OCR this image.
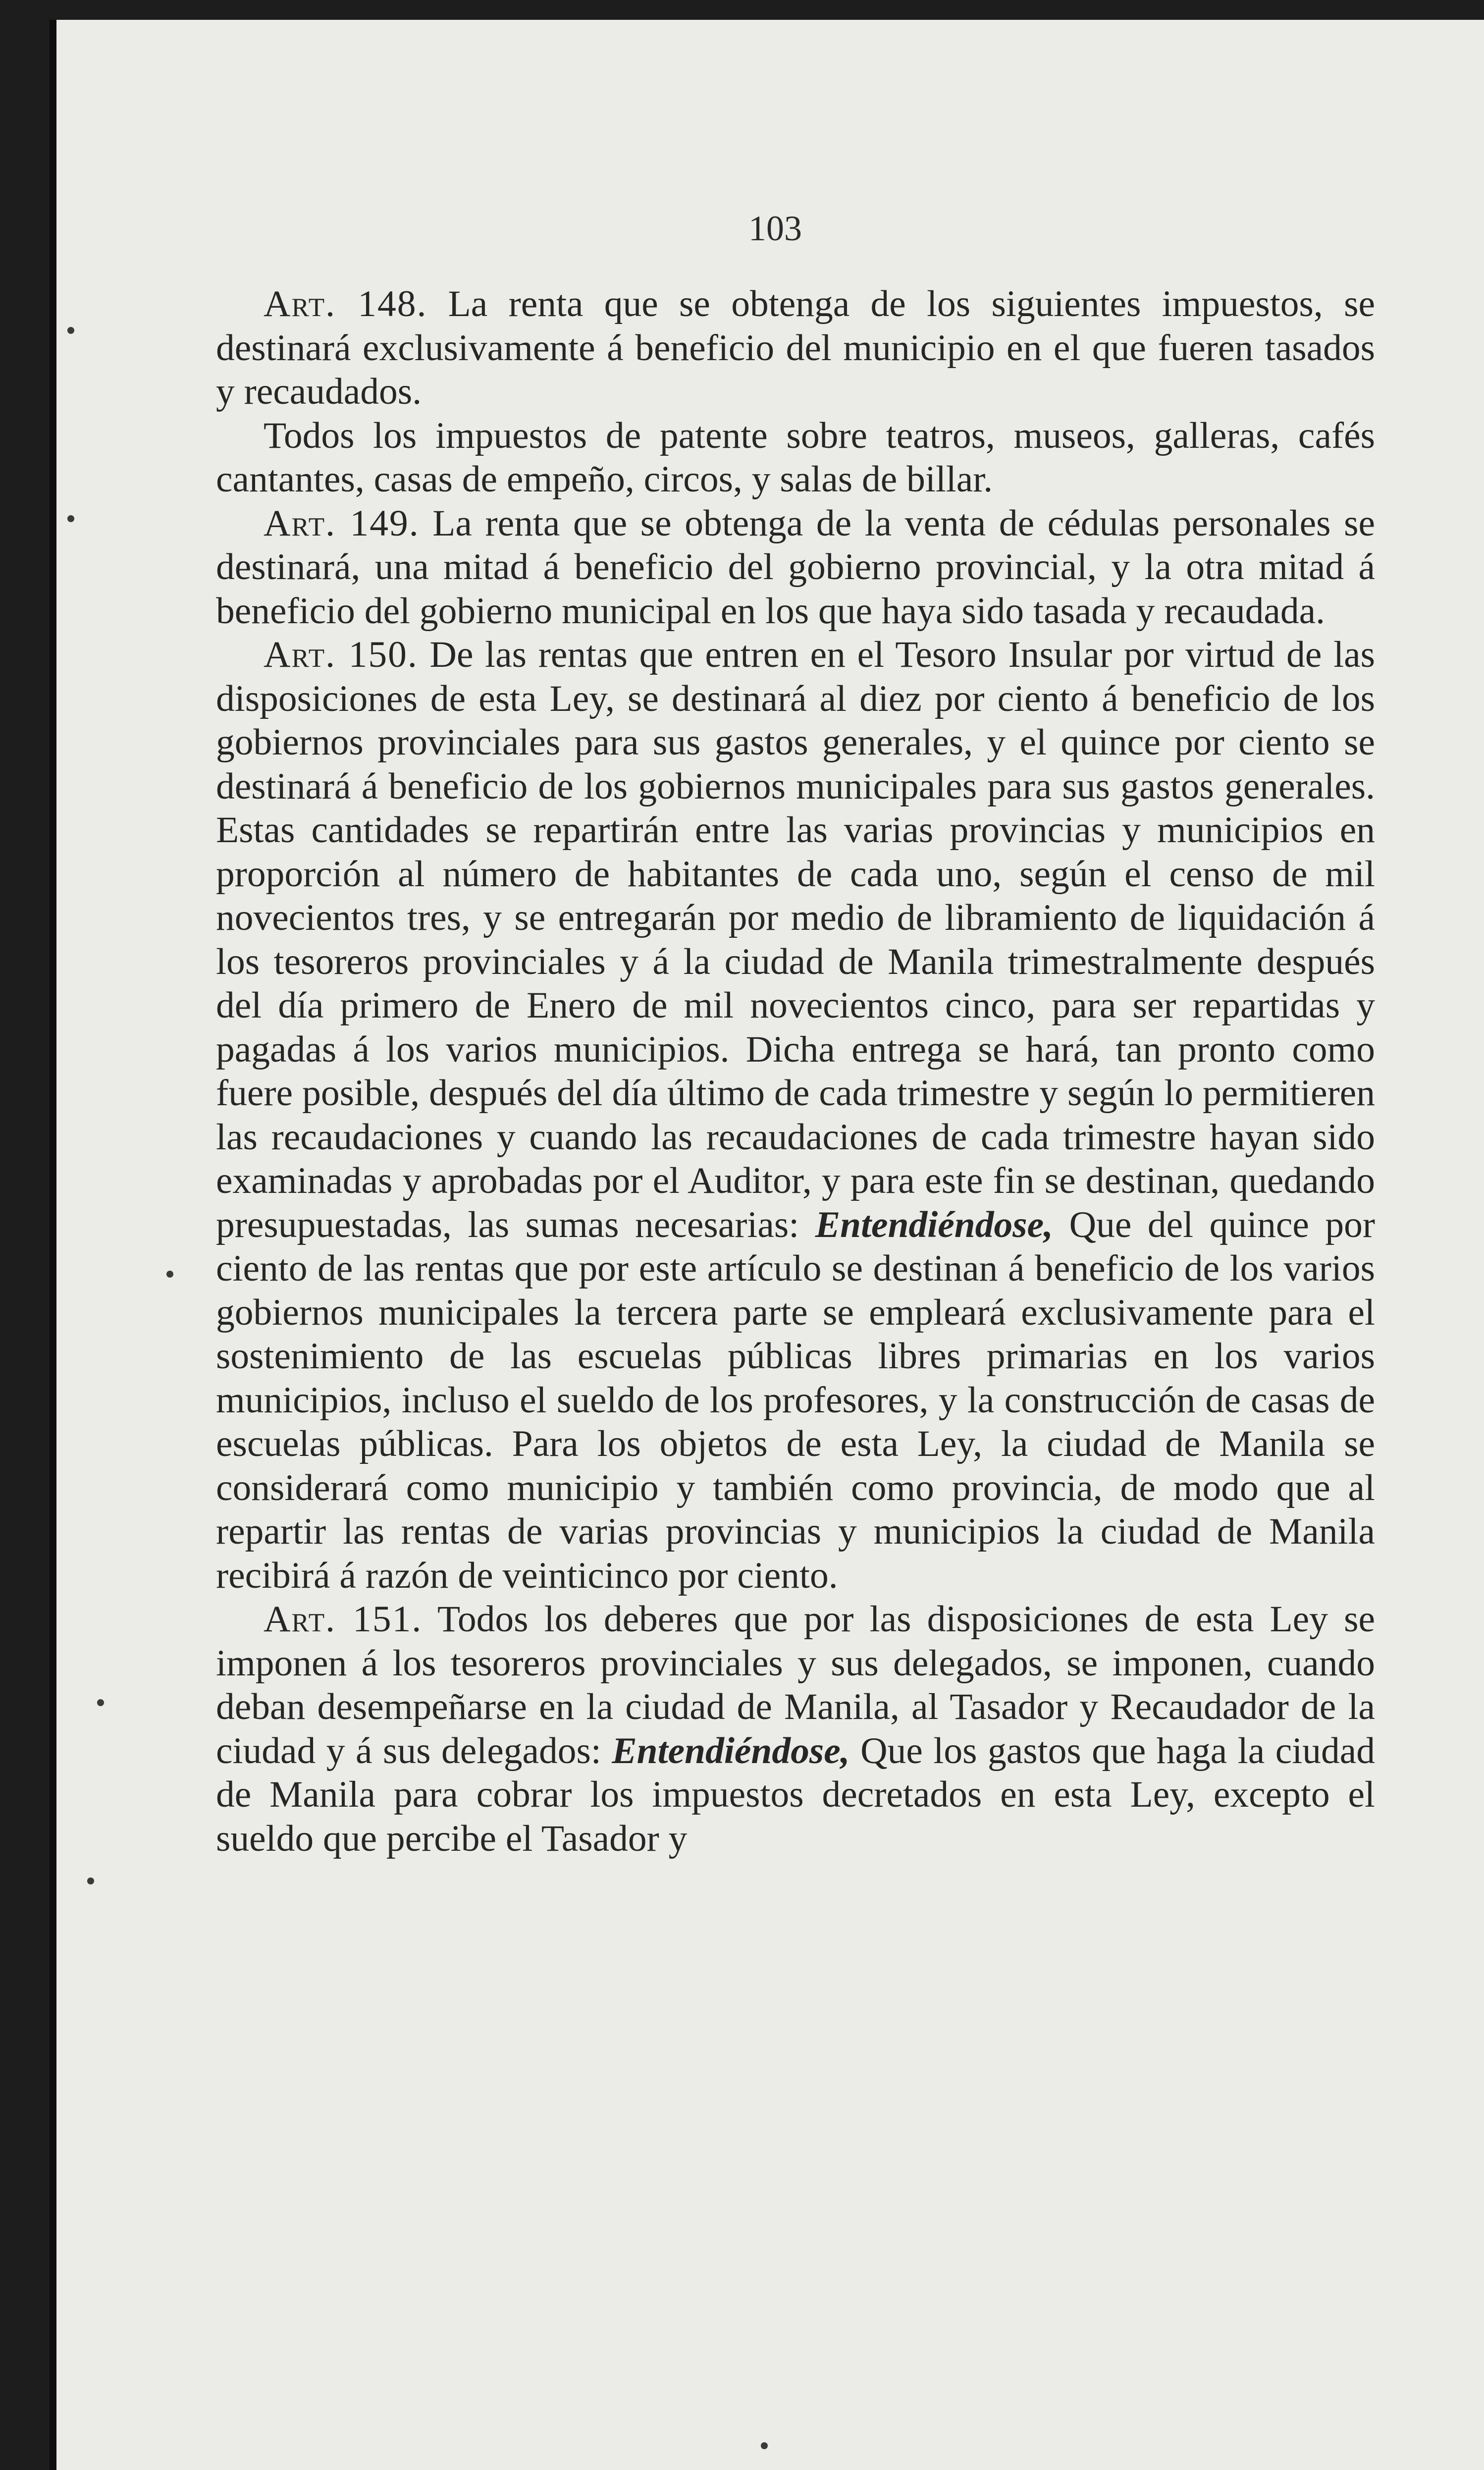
103

Art. 148. La renta que se obtenga de los siguientes impuestos, se destinará exclusivamente á beneficio del municipio en el que fueren tasados y recaudados.

Todos los impuestos de patente sobre teatros, museos, galleras, cafés cantantes, casas de empeño, circos, y salas de billar.

Art. 149. La renta que se obtenga de la venta de cédulas personales se destinará, una mitad á beneficio del gobierno provincial, y la otra mitad á beneficio del gobierno municipal en los que haya sido tasada y recaudada.

Art. 150. De las rentas que entren en el Tesoro Insular por virtud de las disposiciones de esta Ley, se destinará al diez por ciento á beneficio de los gobiernos provinciales para sus gastos generales, y el quince por ciento se destinará á beneficio de los gobiernos municipales para sus gastos generales. Estas cantidades se repartirán entre las varias provincias y municipios en proporción al número de habitantes de cada uno, según el censo de mil novecientos tres, y se entregarán por medio de libramiento de liquidación á los tesoreros provinciales y á la ciudad de Manila trimestralmente después del día primero de Enero de mil novecientos cinco, para ser repartidas y pagadas á los varios municipios. Dicha entrega se hará, tan pronto como fuere posible, después del día último de cada trimestre y según lo permitieren las recaudaciones y cuando las recaudaciones de cada trimestre hayan sido examinadas y aprobadas por el Auditor, y para este fin se destinan, quedando presupuestadas, las sumas necesarias: Entendiéndose, Que del quince por ciento de las rentas que por este artículo se destinan á beneficio de los varios gobiernos municipales la tercera parte se empleará exclusivamente para el sostenimiento de las escuelas públicas libres primarias en los varios municipios, incluso el sueldo de los profesores, y la construcción de casas de escuelas públicas. Para los objetos de esta Ley, la ciudad de Manila se considerará como municipio y también como provincia, de modo que al repartir las rentas de varias provincias y municipios la ciudad de Manila recibirá á razón de veinticinco por ciento.

Art. 151. Todos los deberes que por las disposiciones de esta Ley se imponen á los tesoreros provinciales y sus delegados, se imponen, cuando deban desempeñarse en la ciudad de Manila, al Tasador y Recaudador de la ciudad y á sus delegados: Entendiéndose, Que los gastos que haga la ciudad de Manila para cobrar los impuestos decretados en esta Ley, excepto el sueldo que percibe el Tasador y
